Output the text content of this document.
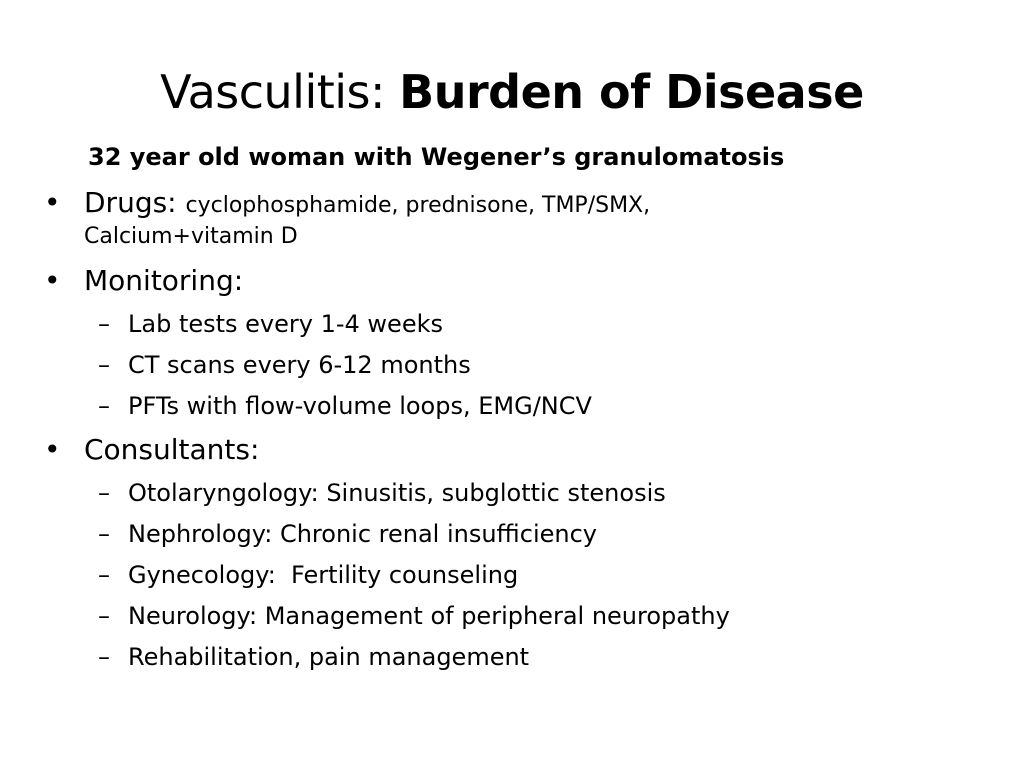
Vasculitis: Burden of Disease
32 year old woman with Wegener’s granulomatosis
• Drugs: cyclophosphamide, prednisone, TMP/SMX,
Calcium+vitamin D
• Monitoring:
– Lab tests every 1-4 weeks
– CT scans every 6-12 months
– PFTs with flow-volume loops, EMG/NCV
• Consultants:
– Otolaryngology: Sinusitis, subglottic stenosis
– Nephrology: Chronic renal insufficiency
– Gynecology:  Fertility counseling
– Neurology: Management of peripheral neuropathy
– Rehabilitation, pain management
